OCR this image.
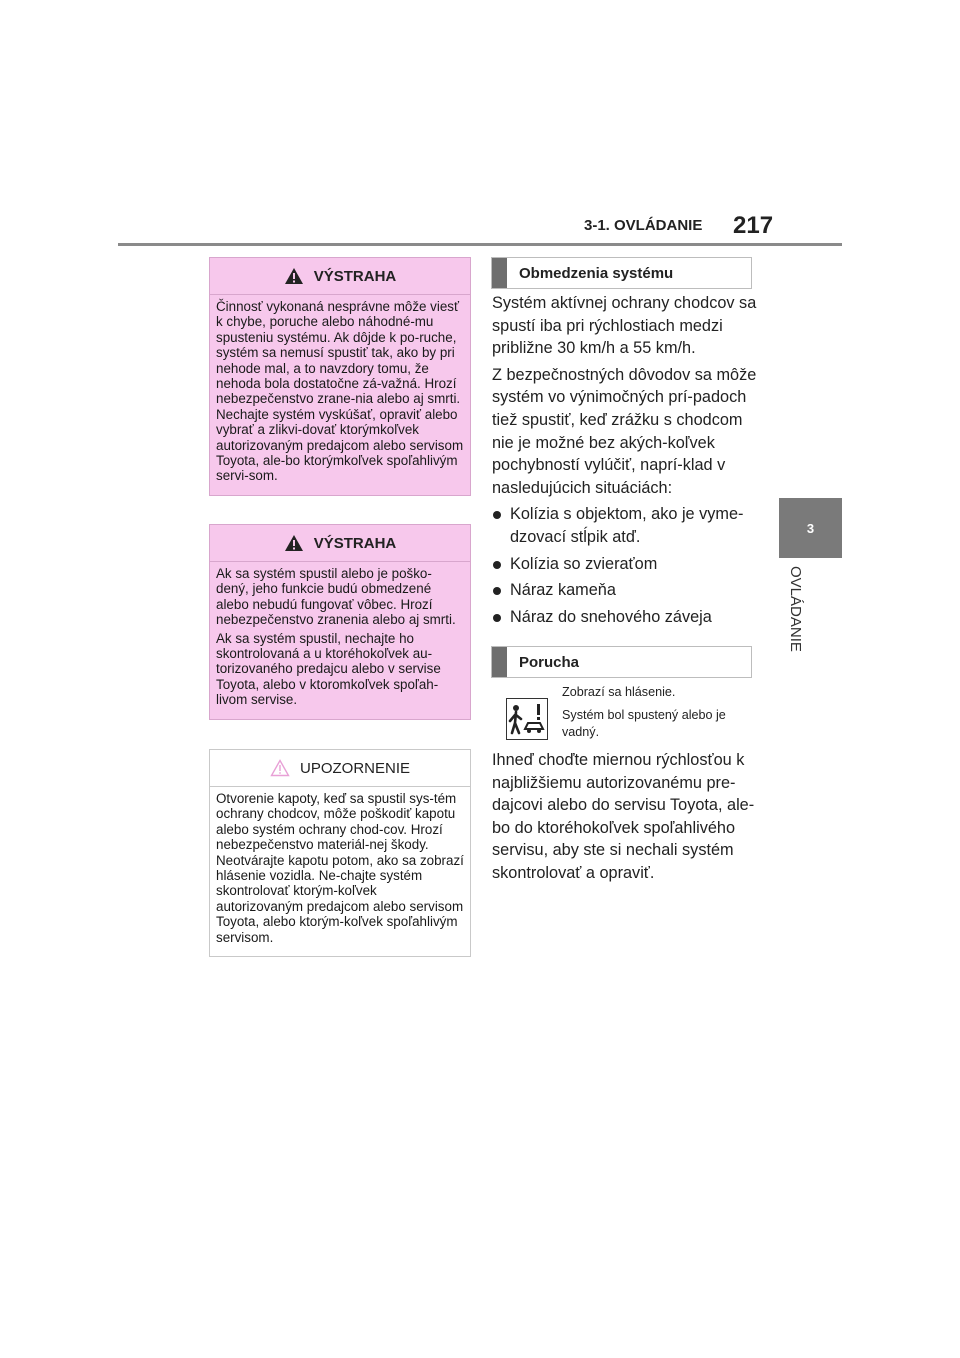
3-1. OVLÁDANIE 217
3
OVLÁDANIE
VÝSTRAHA

Činnosť vykonaná nesprávne môže viesť k chybe, poruche alebo náhodné-mu spusteniu systému. Ak dôjde k po-ruche, systém sa nemusí spustiť tak, ako by pri nehode mal, a to navzdory tomu, že nehoda bola dostatočne zá-važná. Hrozí nebezpečenstvo zrane-nia alebo aj smrti. Nechajte systém vyskúšať, opraviť alebo vybrať a zlikvi-dovať ktorýmkoľvek autorizovaným predajcom alebo servisom Toyota, ale-bo ktorýmkoľvek spoľahlivým servi-som.

VÝSTRAHA

Ak sa systém spustil alebo je poško-dený, jeho funkcie budú obmedzené alebo nebudú fungovať vôbec. Hrozí nebezpečenstvo zranenia alebo aj smrti.

Ak sa systém spustil, nechajte ho skontrolovaná a u ktoréhokoľvek au-torizovaného predajcu alebo v servise Toyota, alebo v ktoromkoľvek spoľah-livom servise.

UPOZORNENIE

Otvorenie kapoty, keď sa spustil sys-tém ochrany chodcov, môže poškodiť kapotu alebo systém ochrany chod-cov. Hrozí nebezpečenstvo materiál-nej škody. Neotvárajte kapotu potom, ako sa zobrazí hlásenie vozidla. Ne-chajte systém skontrolovať ktorým-koľvek autorizovaným predajcom alebo servisom Toyota, alebo ktorým-koľvek spoľahlivým servisom.

Obmedzenia systému

Systém aktívnej ochrany chodcov sa spustí iba pri rýchlostiach medzi približne 30 km/h a 55 km/h.

Z bezpečnostných dôvodov sa môže systém vo výnimočných prí-padoch tiež spustiť, keď zrážku s chodcom nie je možné bez akých-koľvek pochybností vylúčiť, naprí-klad v nasledujúcich situáciách:

Kolízia s objektom, ako je vyme-dzovací stĺpik atď.
Kolízia so zvieraťom
Náraz kameňa
Náraz do snehového záveja
Porucha

Zobrazí sa hlásenie.

Systém bol spustený alebo je vadný.

Ihneď choďte miernou rýchlosťou k najbližšiemu autorizovanému pre-dajcovi alebo do servisu Toyota, ale-bo do ktoréhokoľvek spoľahlivého servisu, aby ste si nechali systém skontrolovať a opraviť.
